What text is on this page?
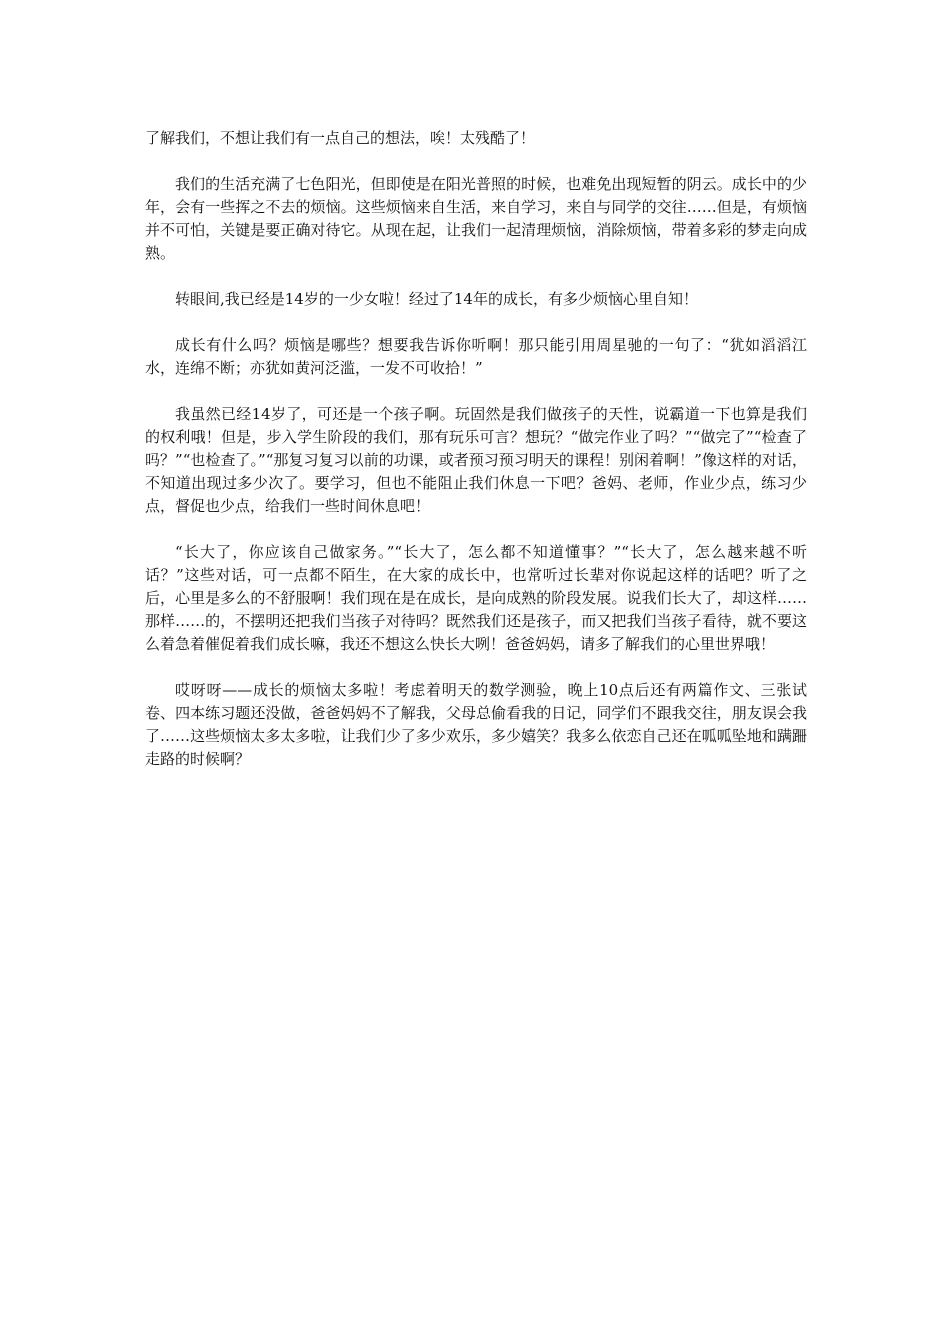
了解我们，不想让我们有一点自己的想法，唉！太残酷了！

我们的生活充满了七色阳光，但即使是在阳光普照的时候，也难免出现短暂的阴云。成长中的少年，会有一些挥之不去的烦恼。这些烦恼来自生活，来自学习，来自与同学的交往……但是，有烦恼并不可怕，关键是要正确对待它。从现在起，让我们一起清理烦恼，消除烦恼，带着多彩的梦走向成熟。

转眼间,我已经是14岁的一少女啦！经过了14年的成长，有多少烦恼心里自知！

成长有什么吗？烦恼是哪些？想要我告诉你听啊！那只能引用周星驰的一句了：“犹如滔滔江水，连绵不断；亦犹如黄河泛滥，一发不可收拾！”

我虽然已经14岁了，可还是一个孩子啊。玩固然是我们做孩子的天性，说霸道一下也算是我们的权利哦！但是，步入学生阶段的我们，那有玩乐可言？想玩？“做完作业了吗？”“做完了”“检查了吗？”“也检查了。”“那复习复习以前的功课，或者预习预习明天的课程！别闲着啊！”像这样的对话，不知道出现过多少次了。要学习，但也不能阻止我们休息一下吧？爸妈、老师，作业少点，练习少点，督促也少点，给我们一些时间休息吧！

“长大了，你应该自己做家务。”“长大了，怎么都不知道懂事？”“长大了，怎么越来越不听话？”这些对话，可一点都不陌生，在大家的成长中，也常听过长辈对你说起这样的话吧？听了之后，心里是多么的不舒服啊！我们现在是在成长，是向成熟的阶段发展。说我们长大了，却这样……那样……的，不摆明还把我们当孩子对待吗？既然我们还是孩子，而又把我们当孩子看待，就不要这么着急着催促着我们成长嘛，我还不想这么快长大咧！爸爸妈妈，请多了解我们的心里世界哦！

哎呀呀——成长的烦恼太多啦！考虑着明天的数学测验，晚上10点后还有两篇作文、三张试卷、四本练习题还没做，爸爸妈妈不了解我，父母总偷看我的日记，同学们不跟我交往，朋友误会我了……这些烦恼太多太多啦，让我们少了多少欢乐，多少嬉笑？我多么依恋自己还在呱呱坠地和蹒跚走路的时候啊？
